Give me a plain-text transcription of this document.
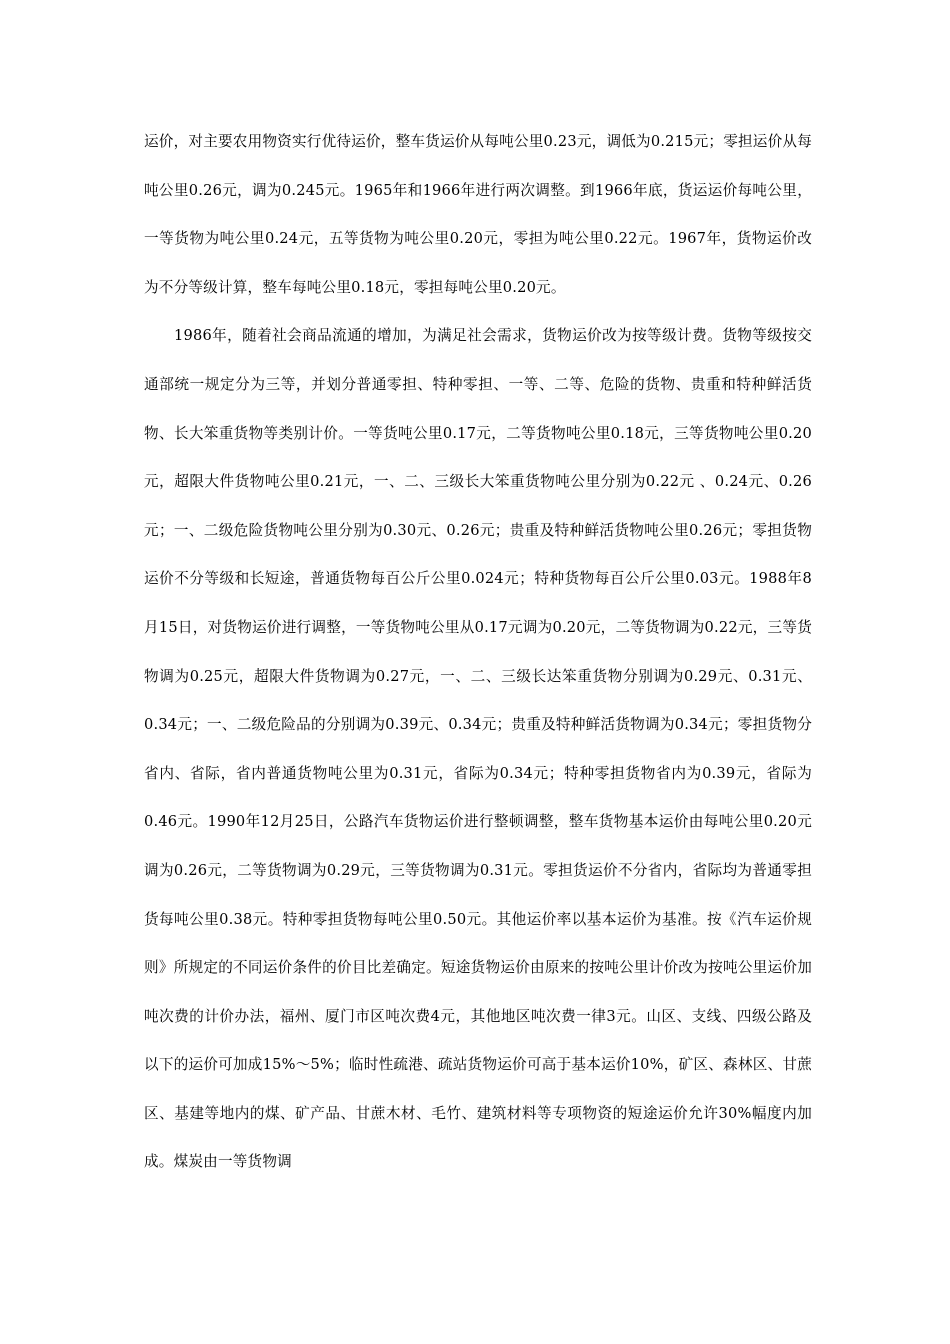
运价，对主要农用物资实行优待运价，整车货运价从每吨公里0.23元，调低为0.215元；零担运价从每吨公里0.26元，调为0.245元。1965年和1966年进行两次调整。到1966年底，货运运价每吨公里，一等货物为吨公里0.24元，五等货物为吨公里0.20元，零担为吨公里0.22元。1967年，货物运价改为不分等级计算，整车每吨公里0.18元，零担每吨公里0.20元。

1986年，随着社会商品流通的增加，为满足社会需求，货物运价改为按等级计费。货物等级按交通部统一规定分为三等，并划分普通零担、特种零担、一等、二等、危险的货物、贵重和特种鲜活货物、长大笨重货物等类别计价。一等货吨公里0.17元，二等货物吨公里0.18元，三等货物吨公里0.20元，超限大件货物吨公里0.21元，一、二、三级长大笨重货物吨公里分别为0.22元 、0.24元、0.26元；一、二级危险货物吨公里分别为0.30元、0.26元；贵重及特种鲜活货物吨公里0.26元；零担货物运价不分等级和长短途，普通货物每百公斤公里0.024元；特种货物每百公斤公里0.03元。1988年8月15日，对货物运价进行调整，一等货物吨公里从0.17元调为0.20元，二等货物调为0.22元，三等货物调为0.25元，超限大件货物调为0.27元，一、二、三级长达笨重货物分别调为0.29元、0.31元、0.34元；一、二级危险品的分别调为0.39元、0.34元；贵重及特种鲜活货物调为0.34元；零担货物分省内、省际，省内普通货物吨公里为0.31元，省际为0.34元；特种零担货物省内为0.39元，省际为0.46元。1990年12月25日，公路汽车货物运价进行整顿调整，整车货物基本运价由每吨公里0.20元调为0.26元，二等货物调为0.29元，三等货物调为0.31元。零担货运价不分省内，省际均为普通零担货每吨公里0.38元。特种零担货物每吨公里0.50元。其他运价率以基本运价为基准。按《汽车运价规则》所规定的不同运价条件的价目比差确定。短途货物运价由原来的按吨公里计价改为按吨公里运价加吨次费的计价办法，福州、厦门市区吨次费4元，其他地区吨次费一律3元。山区、支线、四级公路及以下的运价可加成15%～5%；临时性疏港、疏站货物运价可高于基本运价10%，矿区、森林区、甘蔗区、基建等地内的煤、矿产品、甘蔗木材、毛竹、建筑材料等专项物资的短途运价允许30%幅度内加成。煤炭由一等货物调
